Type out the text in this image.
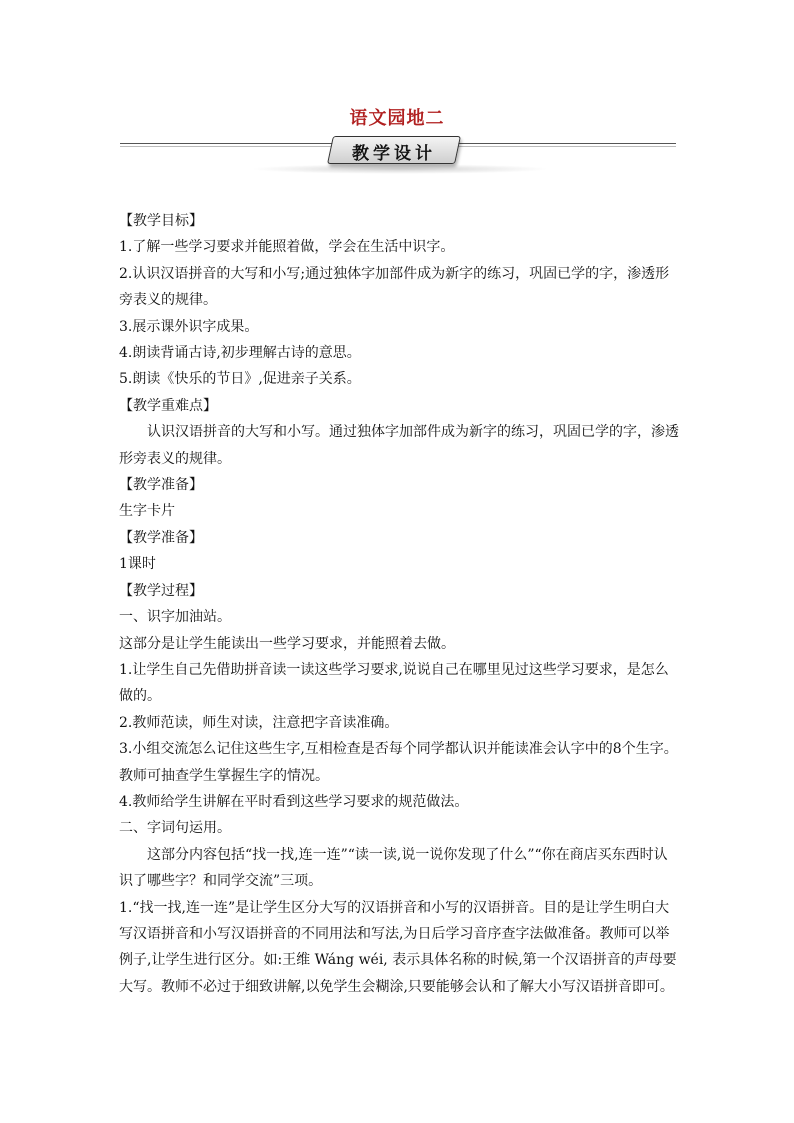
语文园地二
教学设计

【教学目标】

1.了解一些学习要求并能照着做，学会在生活中识字。

2.认识汉语拼音的大写和小写;通过独体字加部件成为新字的练习，巩固已学的字，渗透形旁表义的规律。

3.展示课外识字成果。

4.朗读背诵古诗,初步理解古诗的意思。

5.朗读《快乐的节日》,促进亲子关系。

【教学重难点】

认识汉语拼音的大写和小写。通过独体字加部件成为新字的练习，巩固已学的字，渗透形旁表义的规律。

【教学准备】

生字卡片

【教学准备】

1课时

【教学过程】

一、识字加油站。

这部分是让学生能读出一些学习要求，并能照着去做。

1.让学生自己先借助拼音读一读这些学习要求,说说自己在哪里见过这些学习要求，是怎么做的。

2.教师范读，师生对读，注意把字音读准确。

3.小组交流怎么记住这些生字,互相检查是否每个同学都认识并能读准会认字中的8个生字。教师可抽查学生掌握生字的情况。

4.教师给学生讲解在平时看到这些学习要求的规范做法。

二、字词句运用。

这部分内容包括“找一找,连一连”“读一读,说一说你发现了什么”“你在商店买东西时认识了哪些字？和同学交流”三项。

1.“找一找,连一连”是让学生区分大写的汉语拼音和小写的汉语拼音。目的是让学生明白大写汉语拼音和小写汉语拼音的不同用法和写法,为日后学习音序查字法做准备。教师可以举例子,让学生进行区分。如:王维 Wáng wéi, 表示具体名称的时候,第一个汉语拼音的声母要大写。教师不必过于细致讲解,以免学生会糊涂,只要能够会认和了解大小写汉语拼音即可。
